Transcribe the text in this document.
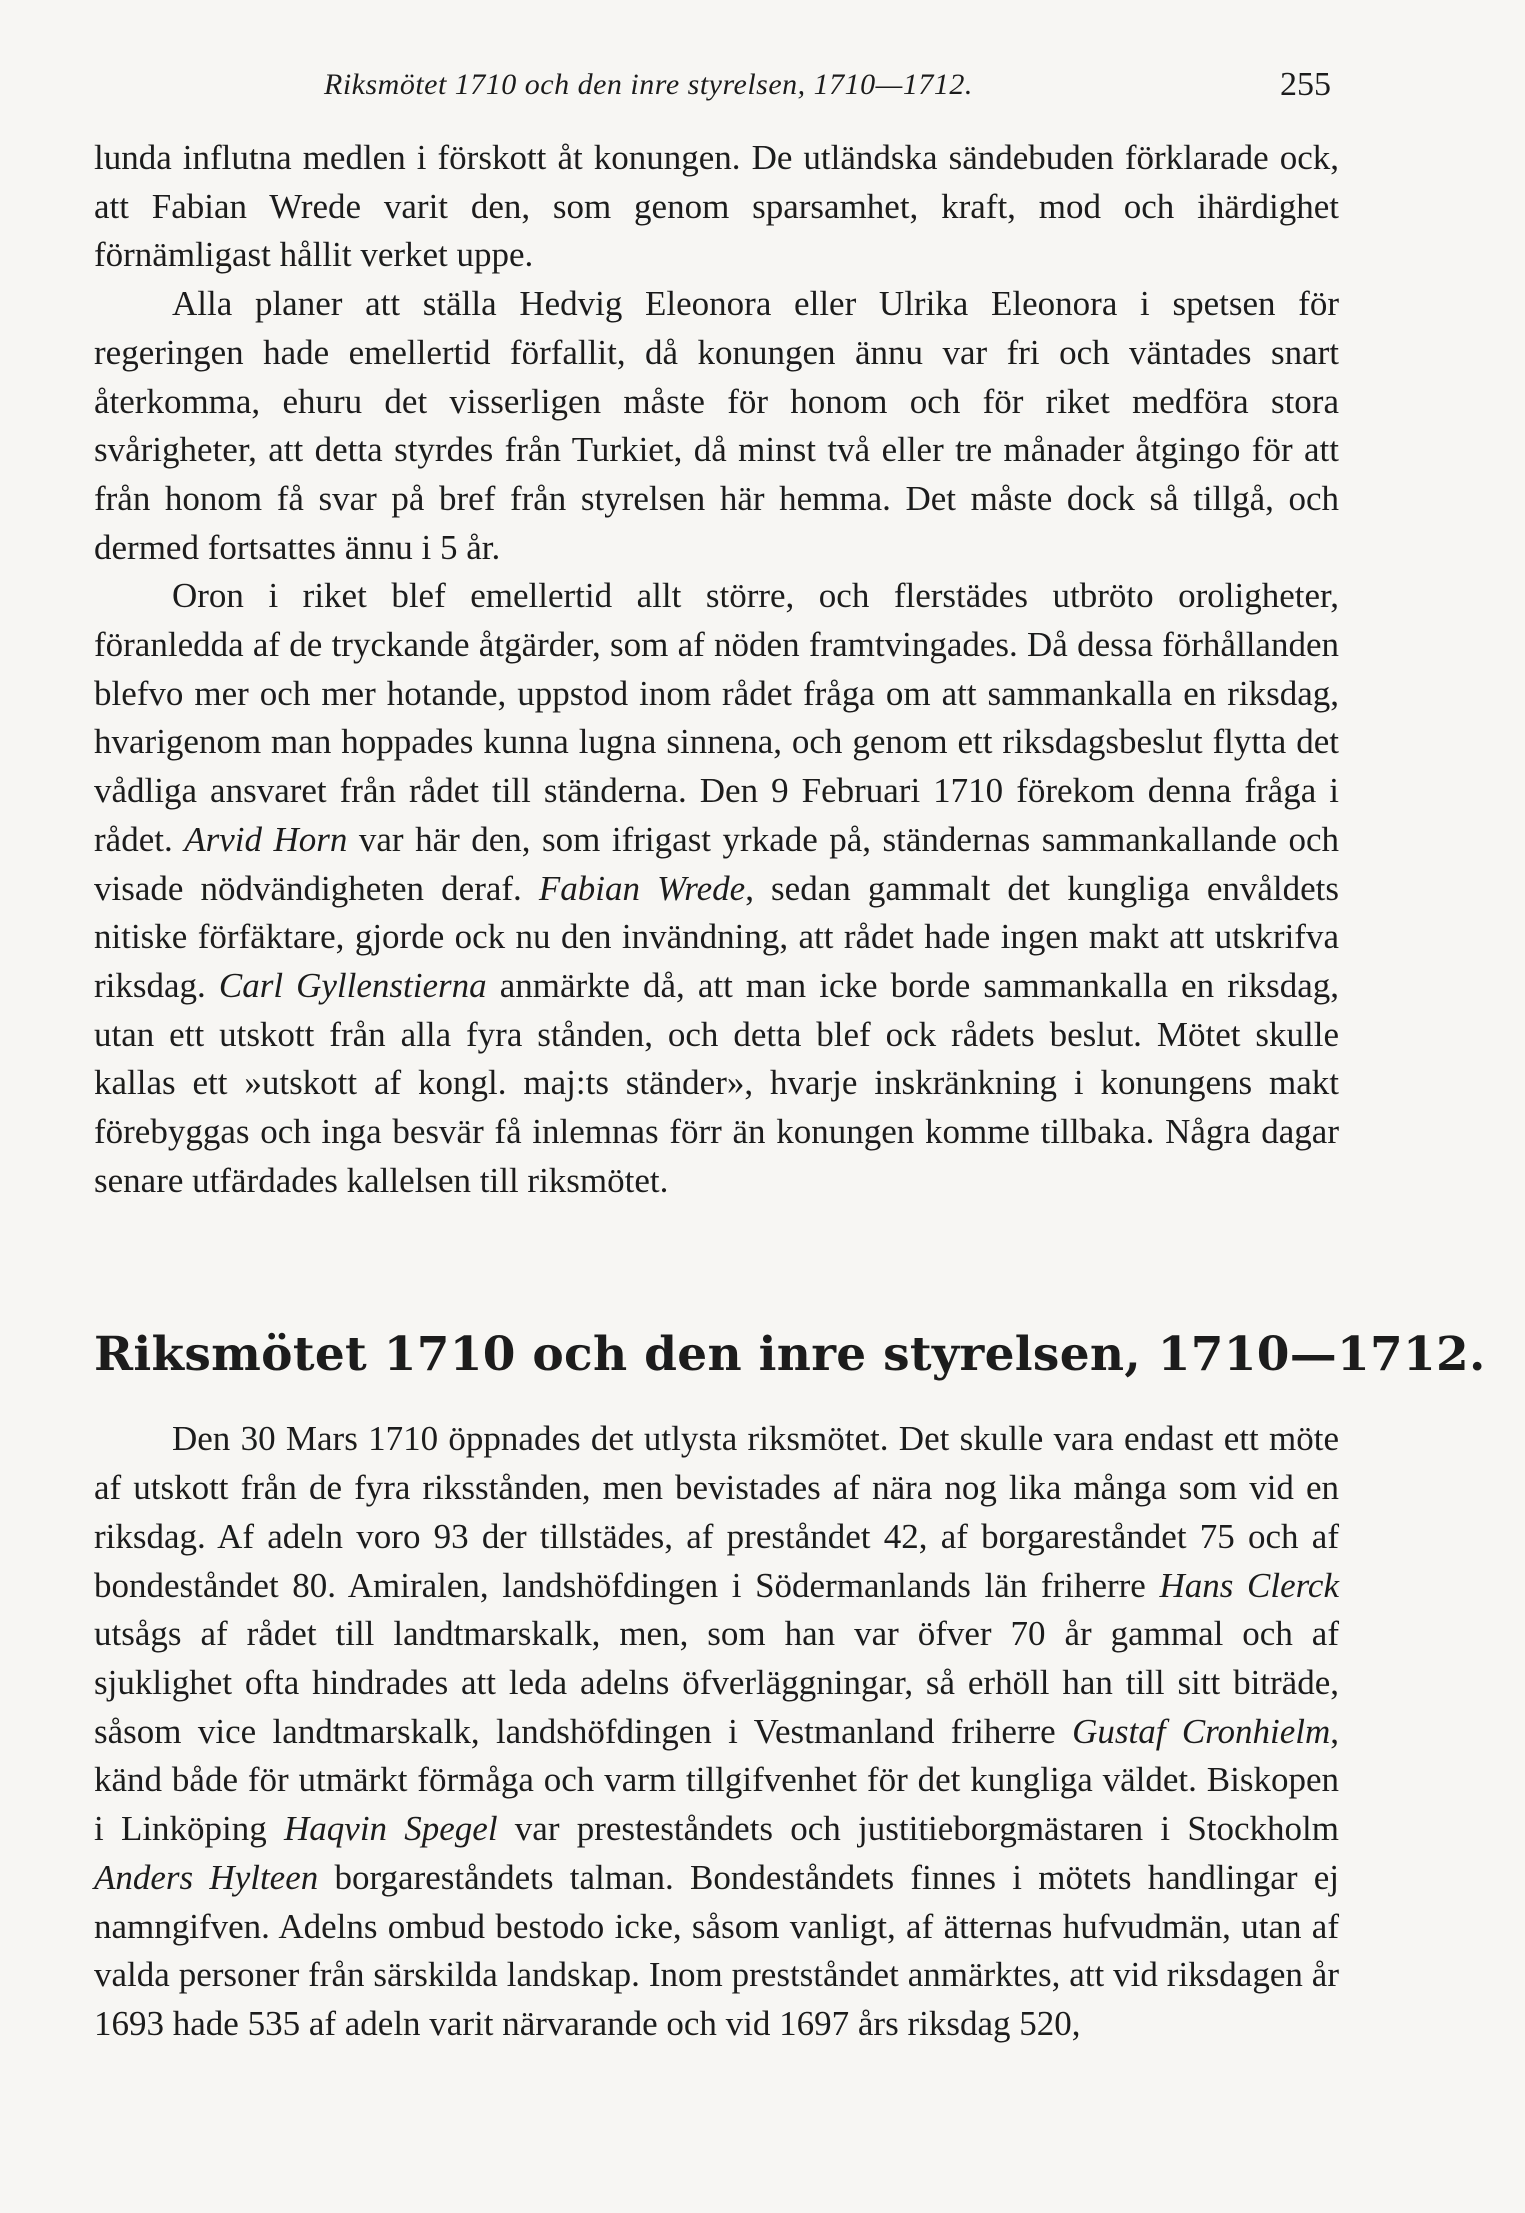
Riksmötet 1710 och den inre styrelsen, 1710—1712.	255

lunda influtna medlen i förskott åt konungen. De utländska sändebuden förklarade ock, att Fabian Wrede varit den, som genom sparsamhet, kraft, mod och ihärdighet förnämligast hållit verket uppe.

Alla planer att ställa Hedvig Eleonora eller Ulrika Eleonora i spetsen för regeringen hade emellertid förfallit, då konungen ännu var fri och väntades snart återkomma, ehuru det visserligen måste för honom och för riket medföra stora svårigheter, att detta styrdes från Turkiet, då minst två eller tre månader åtgingo för att från honom få svar på bref från styrelsen här hemma. Det måste dock så tillgå, och dermed fortsattes ännu i 5 år.

Oron i riket blef emellertid allt större, och flerstädes utbröto oroligheter, föranledda af de tryckande åtgärder, som af nöden framtvingades. Då dessa förhållanden blefvo mer och mer hotande, uppstod inom rådet fråga om att sammankalla en riksdag, hvarigenom man hoppades kunna lugna sinnena, och genom ett riksdagsbeslut flytta det vådliga ansvaret från rådet till ständerna. Den 9 Februari 1710 förekom denna fråga i rådet. Arvid Horn var här den, som ifrigast yrkade på, ständernas sammankallande och visade nödvändigheten deraf. Fabian Wrede, sedan gammalt det kungliga envåldets nitiske förfäktare, gjorde ock nu den invändning, att rådet hade ingen makt att utskrifva riksdag. Carl Gyllenstierna anmärkte då, att man icke borde sammankalla en riksdag, utan ett utskott från alla fyra stånden, och detta blef ock rådets beslut. Mötet skulle kallas ett »utskott af kongl. maj:ts ständer», hvarje inskränkning i konungens makt förebyggas och inga besvär få inlemnas förr än konungen komme tillbaka. Några dagar senare utfärdades kallelsen till riksmötet.

Riksmötet 1710 och den inre styrelsen, 1710—1712.

Den 30 Mars 1710 öppnades det utlysta riksmötet. Det skulle vara endast ett möte af utskott från de fyra riksstånden, men bevistades af nära nog lika många som vid en riksdag. Af adeln voro 93 der tillstädes, af preståndet 42, af borgareståndet 75 och af bondeståndet 80. Amiralen, landshöfdingen i Södermanlands län friherre Hans Clerck utsågs af rådet till landtmarskalk, men, som han var öfver 70 år gammal och af sjuklighet ofta hindrades att leda adelns öfverläggningar, så erhöll han till sitt biträde, såsom vice landtmarskalk, landshöfdingen i Vestmanland friherre Gustaf Cronhielm, känd både för utmärkt förmåga och varm tillgifvenhet för det kungliga väldet. Biskopen i Linköping Haqvin Spegel var presteståndets och justitieborgmästaren i Stockholm Anders Hylteen borgareståndets talman. Bondeståndets finnes i mötets handlingar ej namngifven. Adelns ombud bestodo icke, såsom vanligt, af ätternas hufvudmän, utan af valda personer från särskilda landskap. Inom prestståndet anmärktes, att vid riksdagen år 1693 hade 535 af adeln varit närvarande och vid 1697 års riksdag 520,
